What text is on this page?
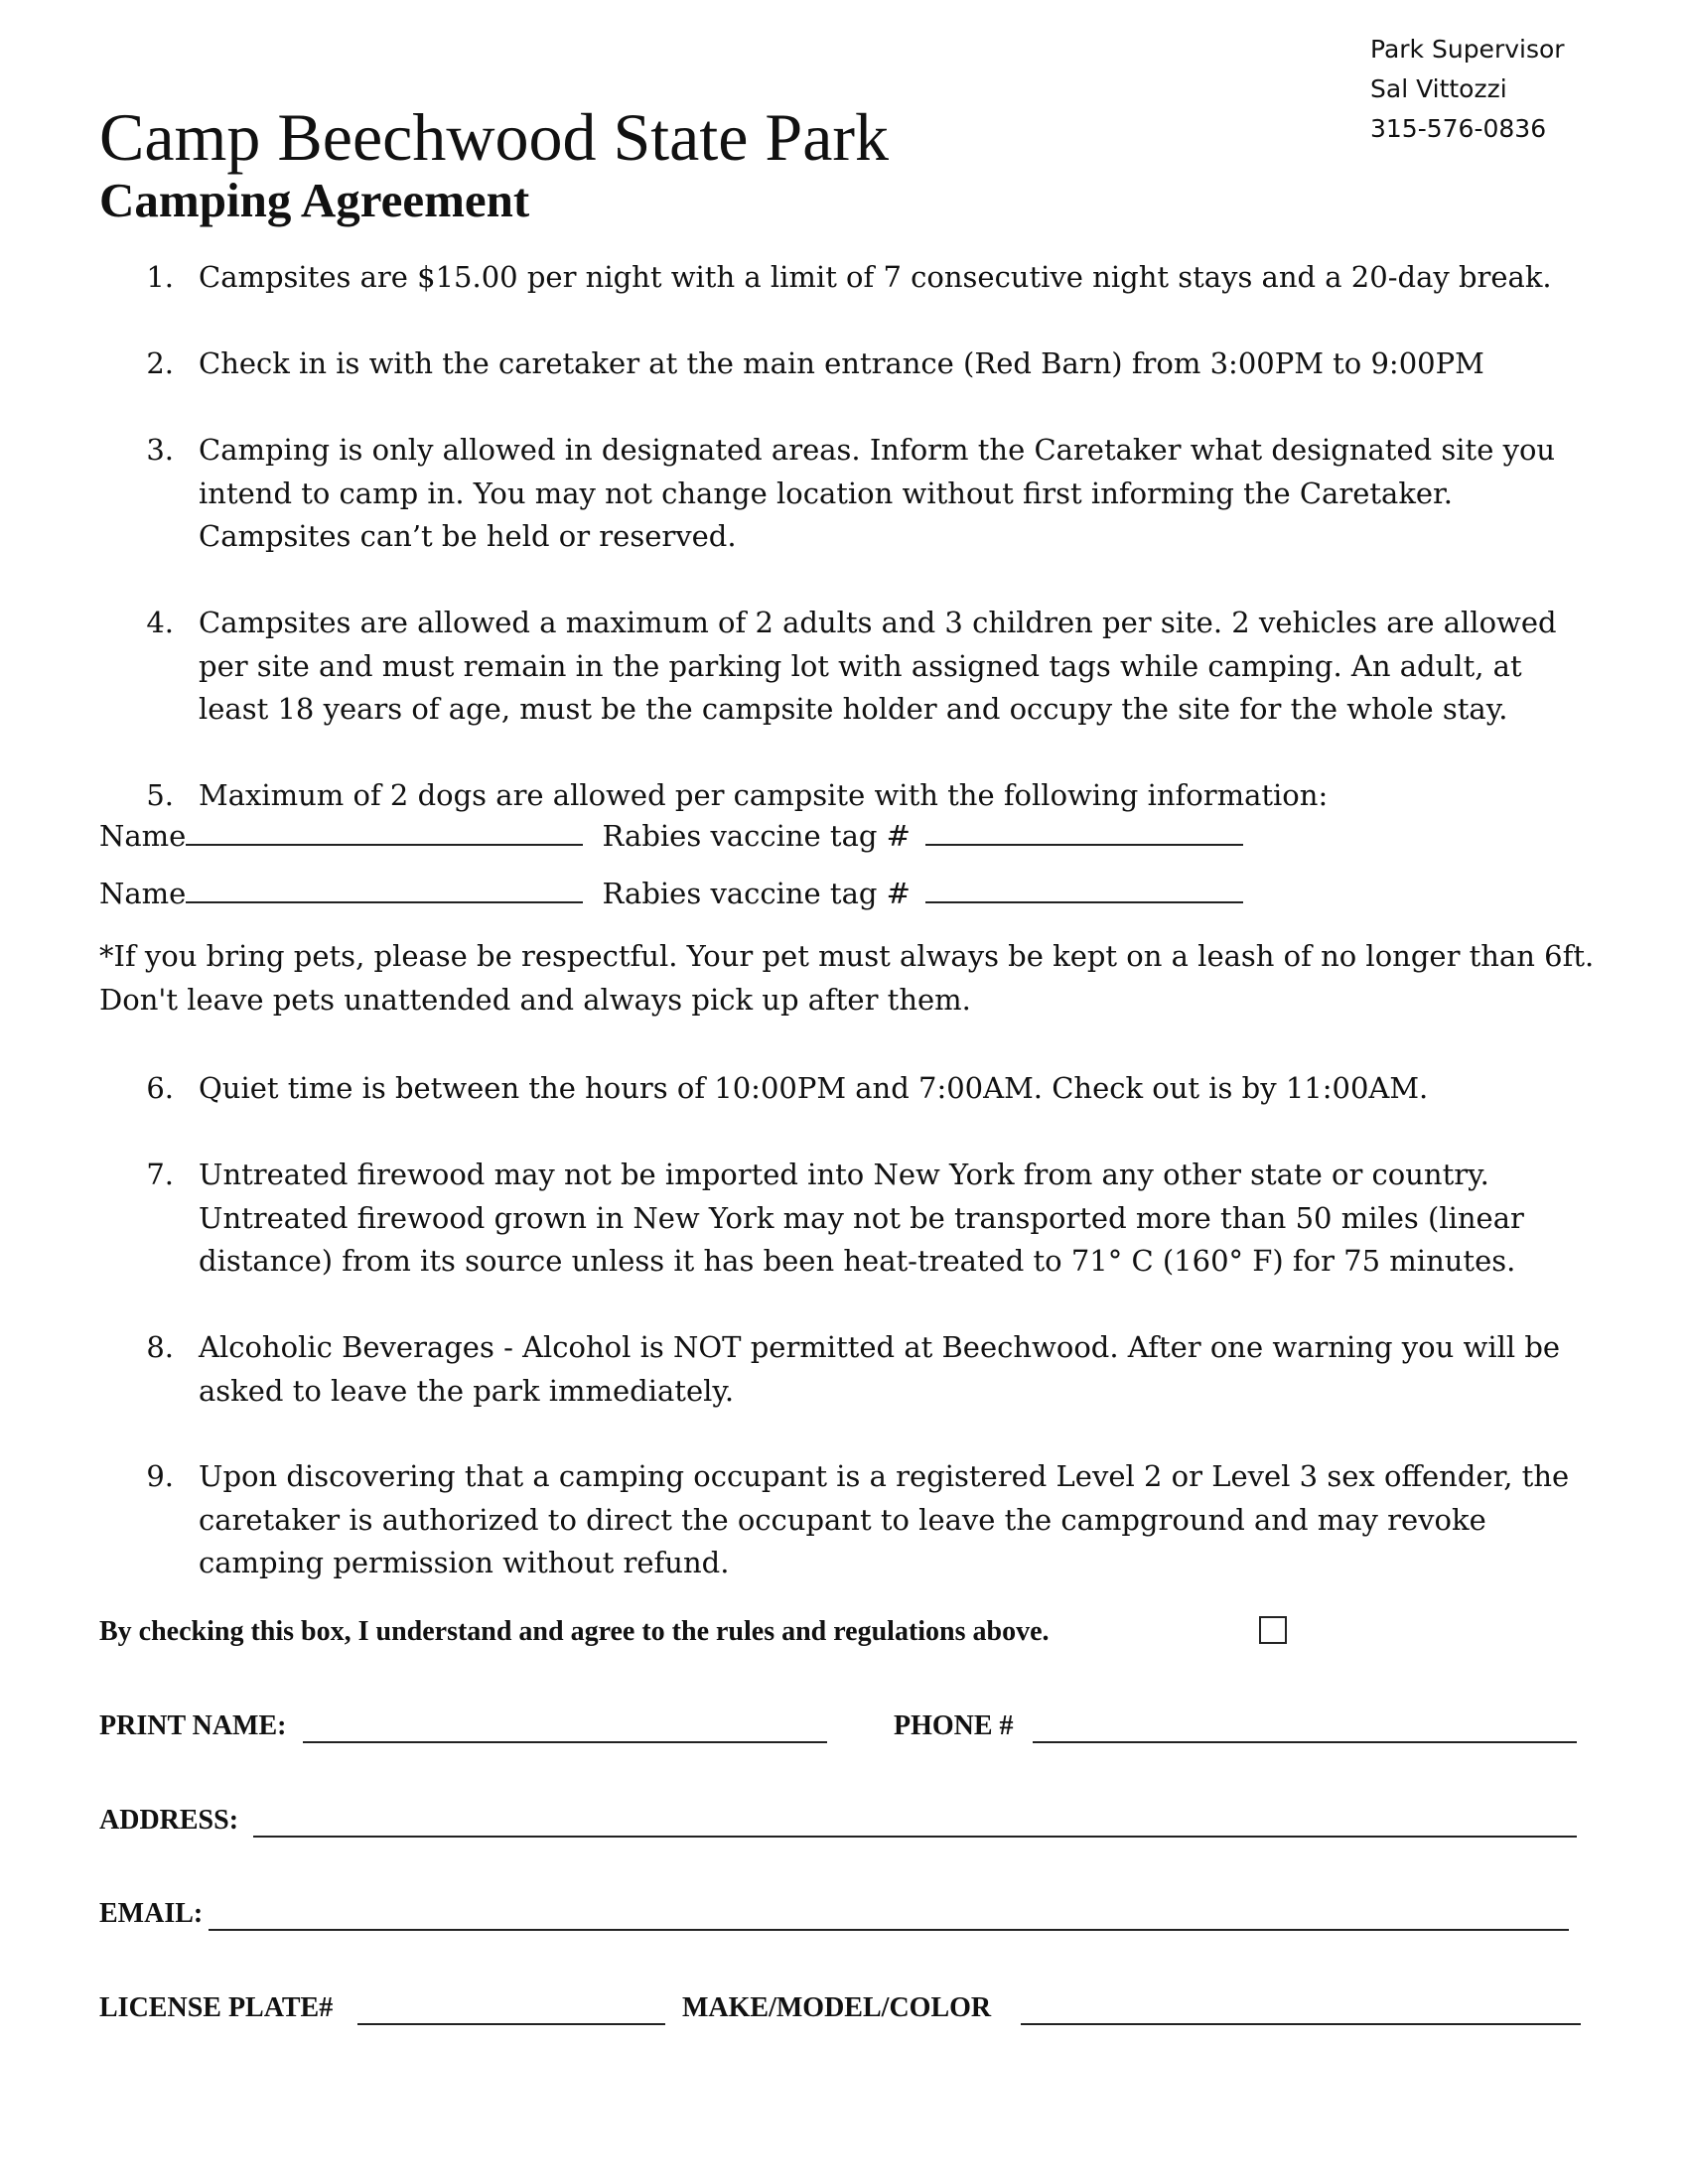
Park Supervisor
Sal Vittozzi
315-576-0836
Camp Beechwood State Park
Camping Agreement
1. Campsites are $15.00 per night with a limit of 7 consecutive night stays and a 20-day break.
2. Check in is with the caretaker at the main entrance (Red Barn) from 3:00PM to 9:00PM
3. Camping is only allowed in designated areas. Inform the Caretaker what designated site you intend to camp in. You may not change location without first informing the Caretaker. Campsites can’t be held or reserved.
4. Campsites are allowed a maximum of 2 adults and 3 children per site. 2 vehicles are allowed per site and must remain in the parking lot with assigned tags while camping. An adult, at least 18 years of age, must be the campsite holder and occupy the site for the whole stay.
5. Maximum of 2 dogs are allowed per campsite with the following information:
6. Quiet time is between the hours of 10:00PM and 7:00AM. Check out is by 11:00AM.
7. Untreated firewood may not be imported into New York from any other state or country. Untreated firewood grown in New York may not be transported more than 50 miles (linear distance) from its source unless it has been heat-treated to 71° C (160° F) for 75 minutes.
8. Alcoholic Beverages - Alcohol is NOT permitted at Beechwood. After one warning you will be asked to leave the park immediately.
9. Upon discovering that a camping occupant is a registered Level 2 or Level 3 sex offender, the caretaker is authorized to direct the occupant to leave the campground and may revoke camping permission without refund.
Name	Rabies vaccine tag #
Name	Rabies vaccine tag #
*If you bring pets, please be respectful. Your pet must always be kept on a leash of no longer than 6ft. Don't leave pets unattended and always pick up after them.
By checking this box, I understand and agree to the rules and regulations above.
PRINT NAME:	PHONE #
ADDRESS:
EMAIL:
LICENSE PLATE#	MAKE/MODEL/COLOR
